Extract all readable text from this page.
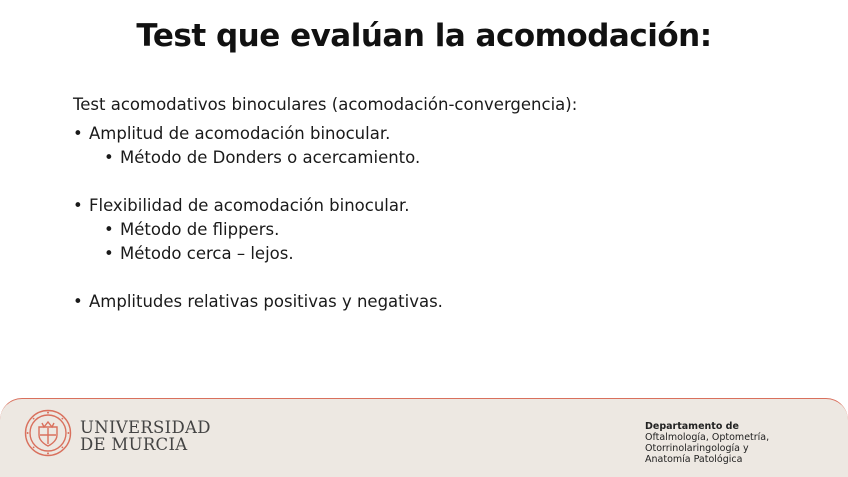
Test que evalúan la acomodación:
Test acomodativos binoculares (acomodación-convergencia):
• Amplitud de acomodación binocular.
• Método de Donders o acercamiento.
• Flexibilidad de acomodación binocular.
• Método de flippers.
• Método cerca – lejos.
• Amplitudes relativas positivas y negativas.
UNIVERSIDAD
DE MURCIA
Departamento de
Oftalmología, Optometría,
Otorrinolaringología y
Anatomía Patológica
